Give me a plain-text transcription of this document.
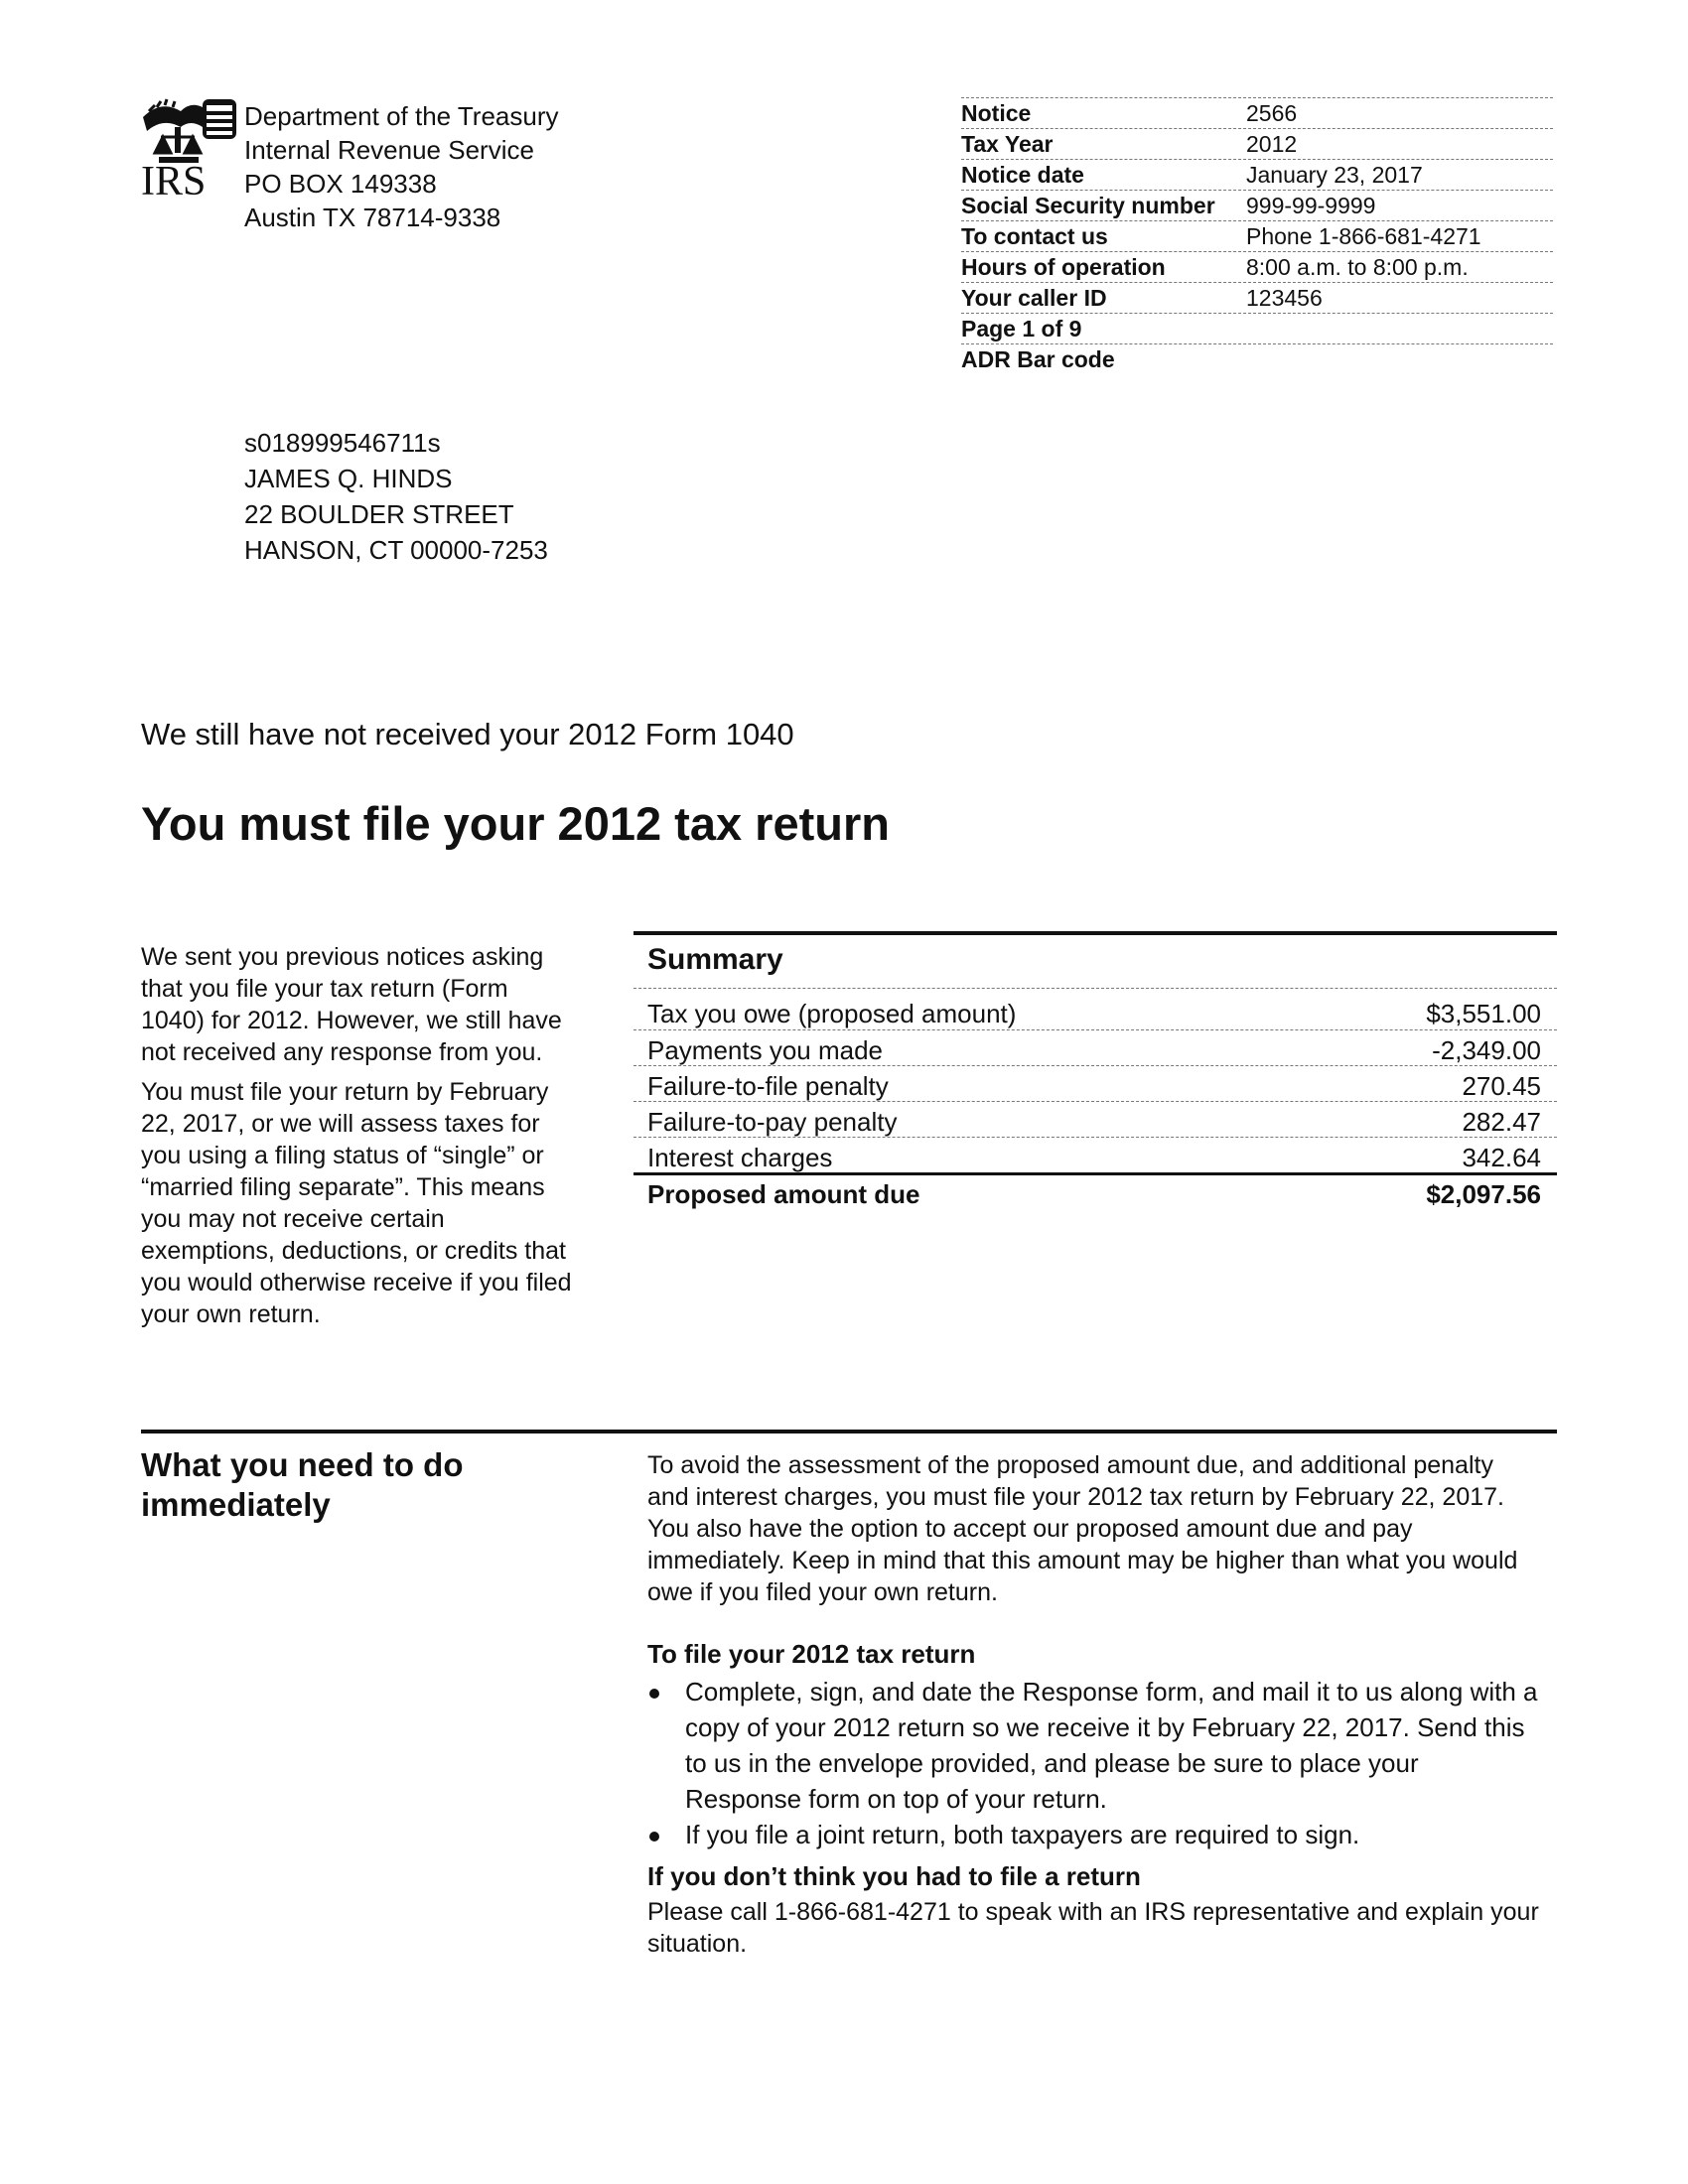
IRS
Department of the Treasury
Internal Revenue Service
PO BOX 149338
Austin TX 78714-9338
Notice	2566
Tax Year	2012
Notice date	January 23, 2017
Social Security number	999-99-9999
To contact us	Phone 1-866-681-4271
Hours of operation	8:00 a.m. to 8:00 p.m.
Your caller ID	123456
Page 1 of 9
ADR Bar code
s018999546711s
JAMES Q. HINDS
22 BOULDER STREET
HANSON, CT 00000-7253
We still have not received your 2012 Form 1040
You must file your 2012 tax return

We sent you previous notices asking that you file your tax return (Form 1040) for 2012. However, we still have not received any response from you.

You must file your return by February 22, 2017, or we will assess taxes for you using a filing status of “single” or “married filing separate”. This means you may not receive certain exemptions, deductions, or credits that you would otherwise receive if you filed your own return.

Summary
Tax you owe (proposed amount)	$3,551.00
Payments you made	-2,349.00
Failure-to-file penalty	270.45
Failure-to-pay penalty	282.47
Interest charges	342.64
Proposed amount due	$2,097.56
What you need to do immediately

To avoid the assessment of the proposed amount due, and additional penalty and interest charges, you must file your 2012 tax return by February 22, 2017. You also have the option to accept our proposed amount due and pay immediately. Keep in mind that this amount may be higher than what you would owe if you filed your own return.

To file your 2012 tax return
Complete, sign, and date the Response form, and mail it to us along with a copy of your 2012 return so we receive it by February 22, 2017. Send this to us in the envelope provided, and please be sure to place your Response form on top of your return.
If you file a joint return, both taxpayers are required to sign.
If you don’t think you had to file a return

Please call 1-866-681-4271 to speak with an IRS representative and explain your situation.
